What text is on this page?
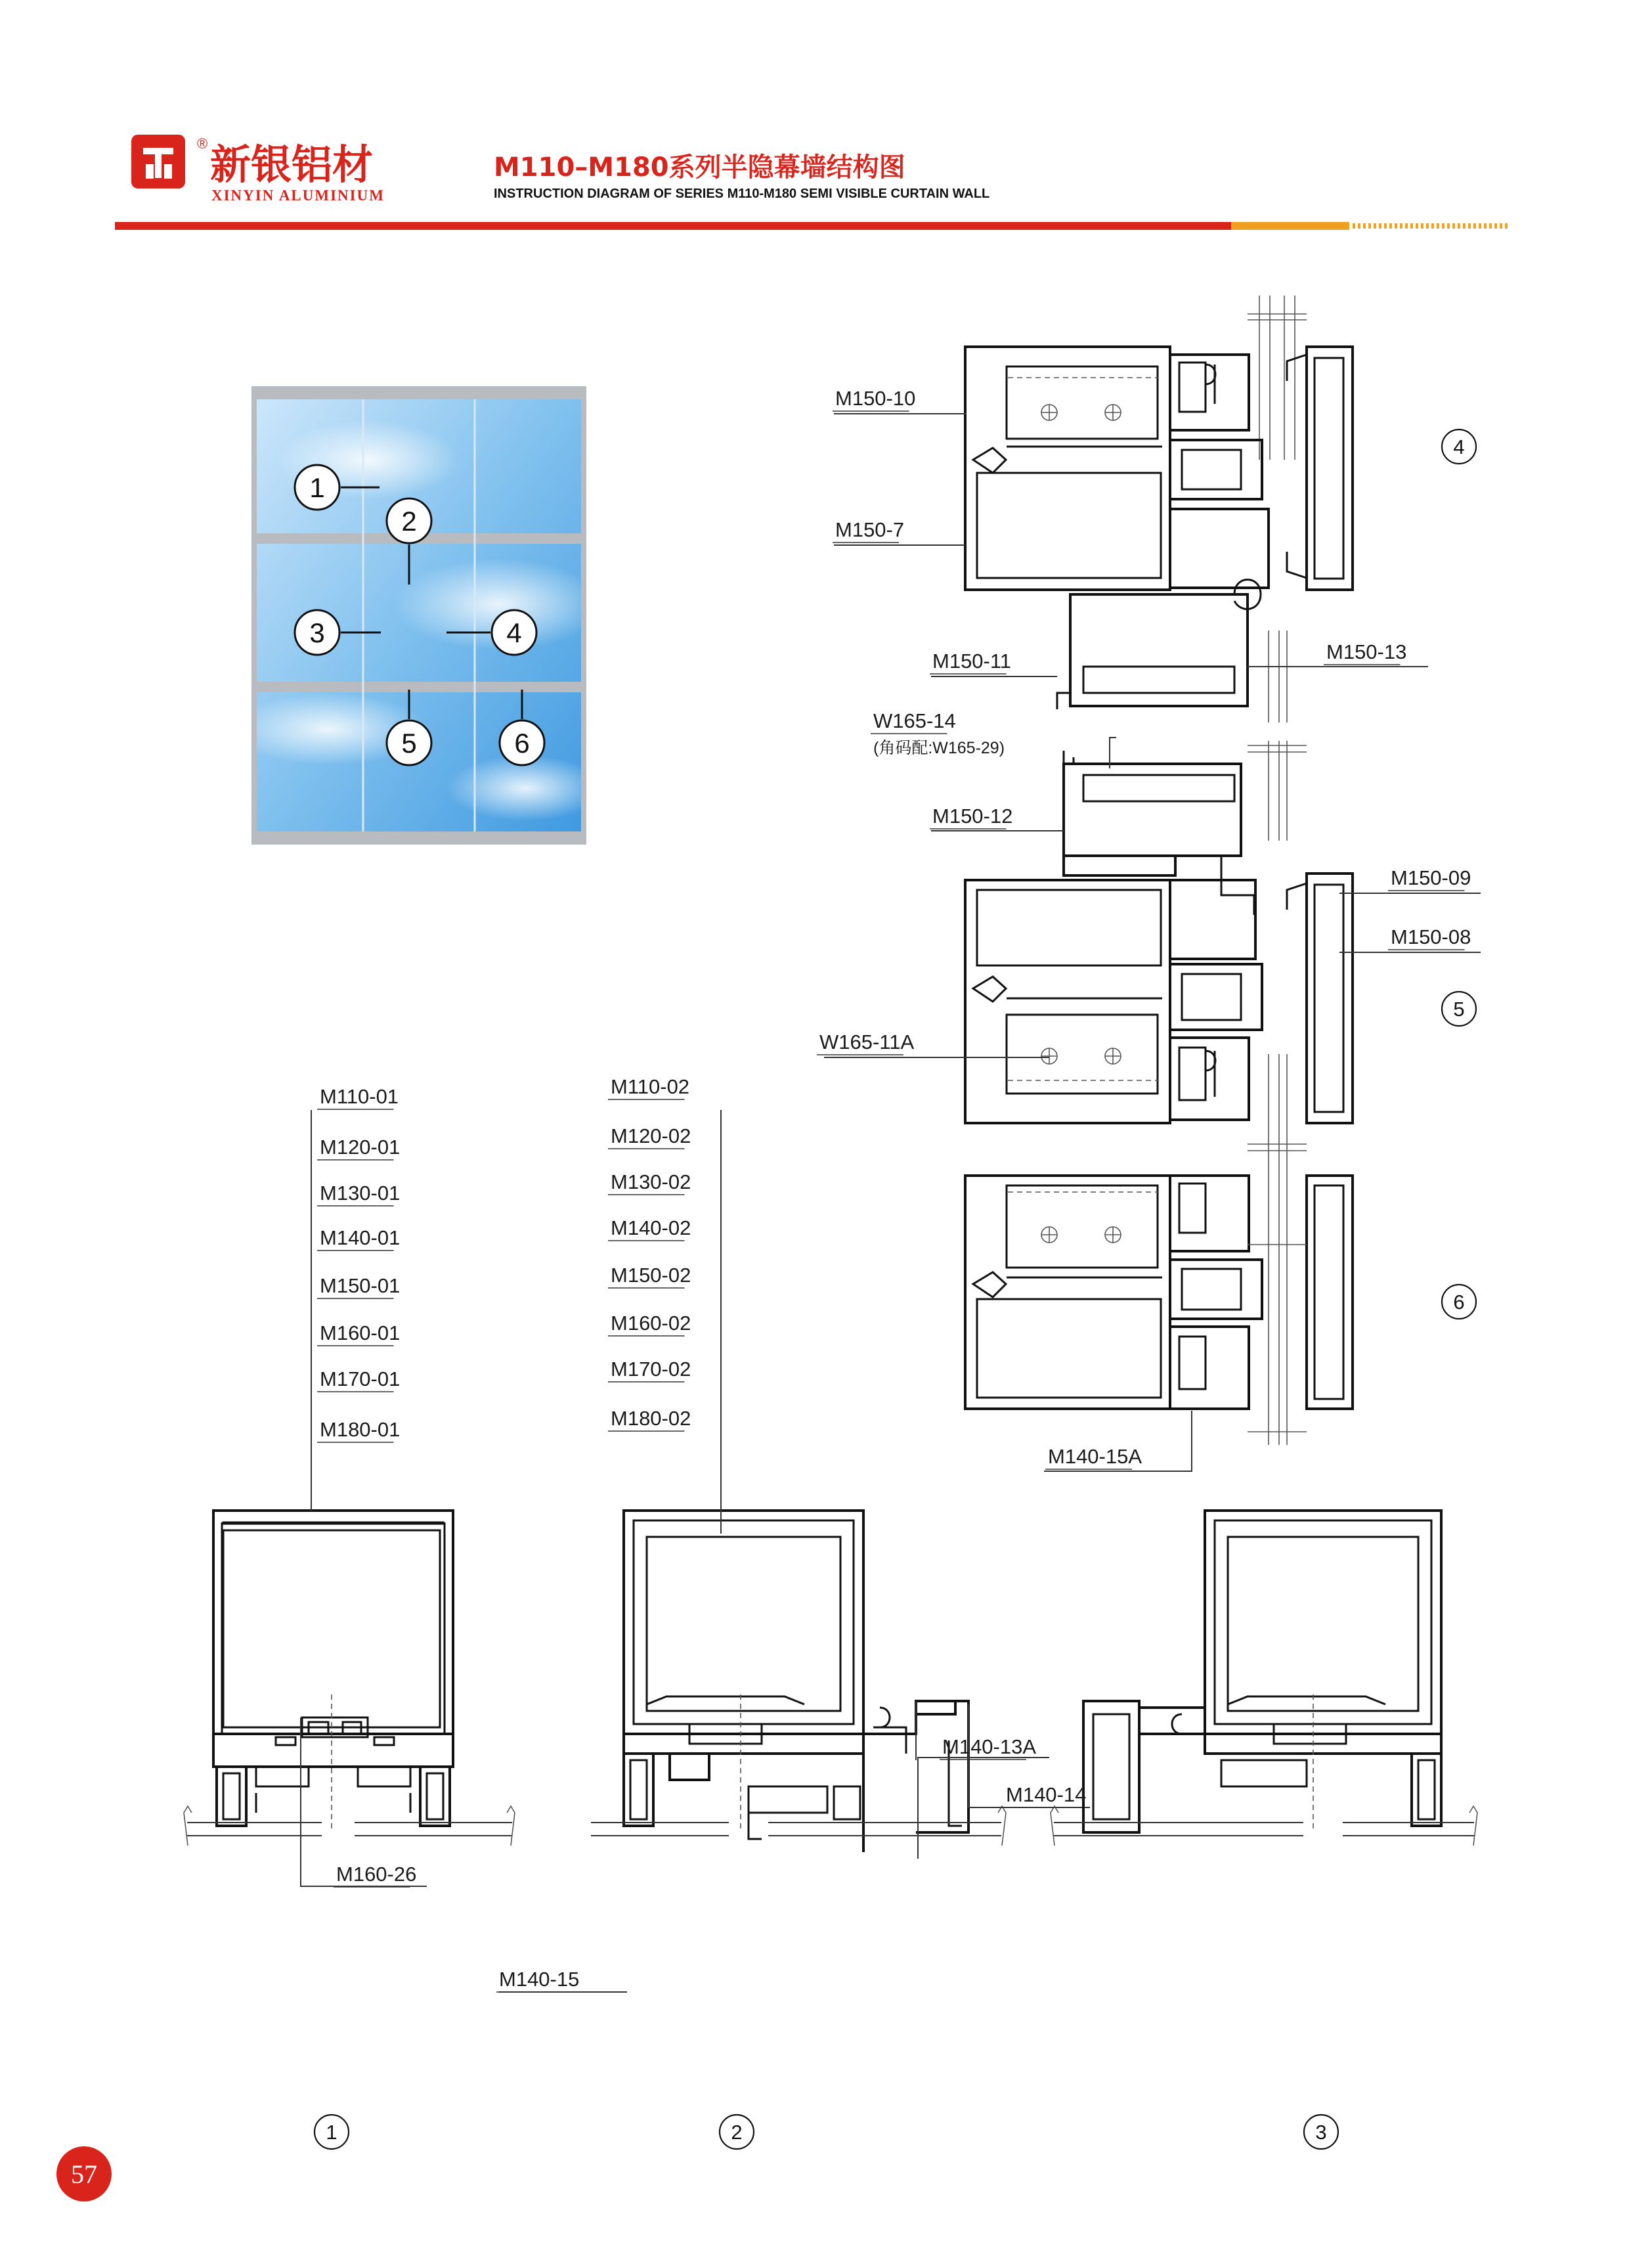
® 新银铝材
XINYIN ALUMINIUM
M110–M180系列半隐幕墙结构图
INSTRUCTION DIAGRAM OF SERIES M110-M180 SEMI VISIBLE CURTAIN WALL
1
2
3	4
5	6
M150-10
M150-7
M150-11	M150-13
4
W165-14
(角码配:W165-29)
M150-12
M150-09
M150-08
W165-11A
5
M140-15A
6
M110-01
M120-01
M130-01
M140-01
M150-01
M160-01
M170-01
M180-01
M160-26
1
M110-02
M120-02
M130-02
M140-02
M150-02
M160-02
M170-02
M180-02
M140-13A
M140-14
M140-15
2	3
57
